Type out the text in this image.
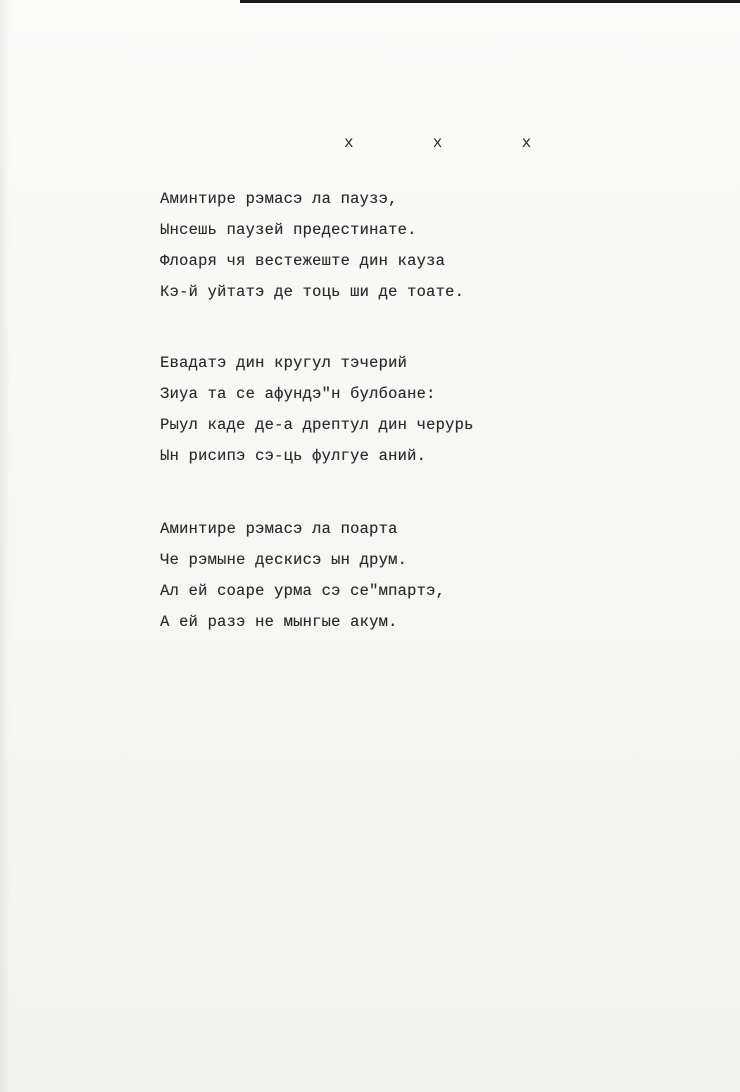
x  x  x
Аминтире рэмасэ ла паузэ,
Ынсешь паузей предестинате.
Флоаря чя вестежеште дин кауза
Кэ-й уйтатэ де тоць ши де тоате.
Евадатэ дин кругул тэчерий
Зиуа та се афундэ"н булбоане:
Рыул каде де-а дрептул дин черурь
Ын рисипэ сэ-ць фулгуе аний.
Аминтире рэмасэ ла поарта
Че рэмыне дескисэ ын друм.
Ал ей соаре урма сэ се"мпартэ,
А ей разэ не мынгые акум.
